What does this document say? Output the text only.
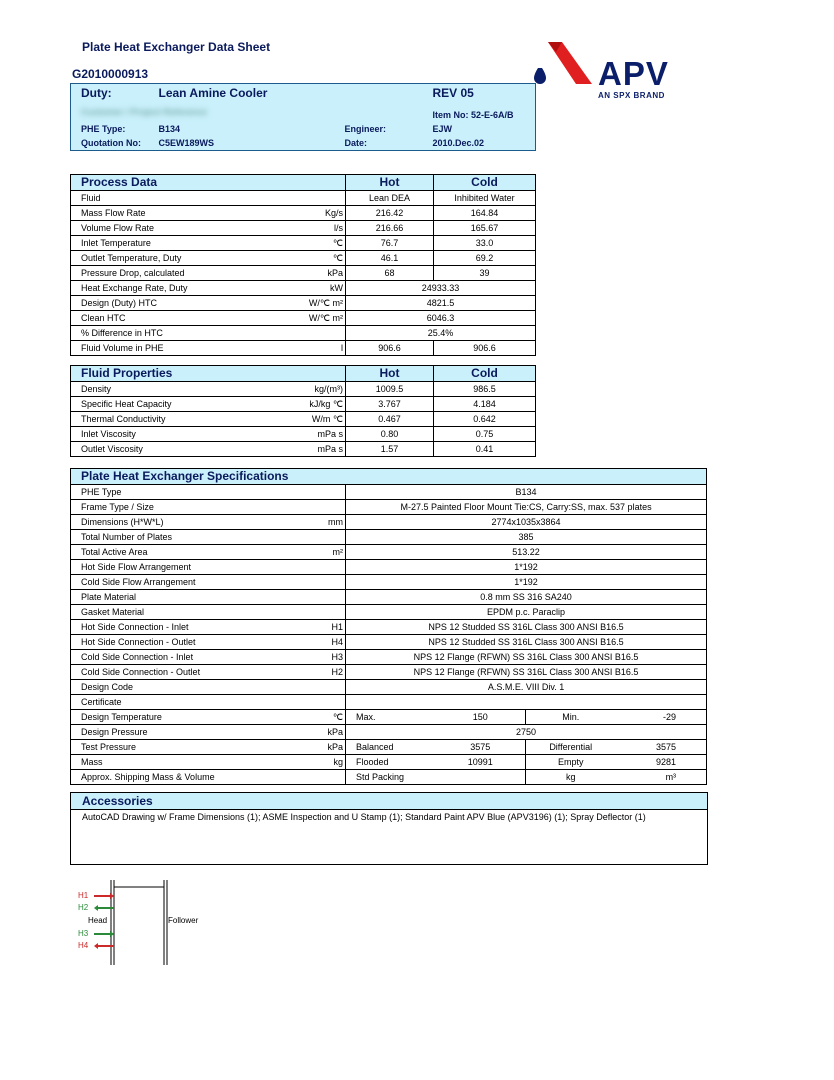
Plate Heat Exchanger Data Sheet
G2010000913	APV
AN SPX BRAND
Duty:	Lean Amine Cooler		REV 05
Customer / Project Reference			Item No: 52-E-6A/B
PHE Type:	B134	Engineer:	EJW
Quotation No:	C5EW189WS	Date:	2010.Dec.02
Process Data	Hot	Cold
Fluid	Lean DEA	Inhibited Water
Mass Flow Rate Kg/s	216.42	164.84
Volume Flow Rate l/s	216.66	165.67
Inlet Temperature ℃	76.7	33.0
Outlet Temperature, Duty ℃	46.1	69.2
Pressure Drop, calculated kPa	68	39
Heat Exchange Rate, Duty kW	24933.33	
Design (Duty) HTC W/℃ m²	4821.5	
Clean HTC W/℃ m²	6046.3	
% Difference in HTC	25.4%	
Fluid Volume in PHE l	906.6	906.6
Fluid Properties	Hot	Cold
Density kg/(m³)	1009.5	986.5
Specific Heat Capacity kJ/kg ℃	3.767	4.184
Thermal Conductivity W/m ℃	0.467	0.642
Inlet Viscosity mPa s	0.80	0.75
Outlet Viscosity mPa s	1.57	0.41
Plate Heat Exchanger Specifications				
PHE Type	B134			
Frame Type / Size	M-27.5 Painted Floor Mount Tie:CS, Carry:SS, max. 537 plates			
Dimensions (H*W*L) mm	2774x1035x3864			
Total Number of Plates	385			
Total Active Area m²	513.22			
Hot Side Flow Arrangement	1*192			
Cold Side Flow Arrangement	1*192			
Plate Material	0.8 mm SS 316 SA240			
Gasket Material	EPDM p.c. Paraclip			
Hot Side Connection - Inlet H1	NPS 12 Studded SS 316L Class 300 ANSI B16.5			
Hot Side Connection - Outlet H4	NPS 12 Studded SS 316L Class 300 ANSI B16.5			
Cold Side Connection - Inlet H3	NPS 12 Flange (RFWN) SS 316L Class 300 ANSI B16.5			
Cold Side Connection - Outlet H2	NPS 12 Flange (RFWN) SS 316L Class 300 ANSI B16.5			
Design Code	A.S.M.E. VIII Div. 1			
Certificate			

Design Temperature ℃	Max.	150	Min.	-29
Design Pressure kPa	2750			
Test Pressure kPa	Balanced	3575	Differential	3575
Mass kg	Flooded	10991	Empty	9281
Approx. Shipping Mass & Volume	Std Packing		kg	m³
Accessories
AutoCAD Drawing w/ Frame Dimensions (1); ASME Inspection and U Stamp (1); Standard Paint APV Blue (APV3196) (1); Spray Deflector (1)
H1
H2
Head	Follower
H3
H4
